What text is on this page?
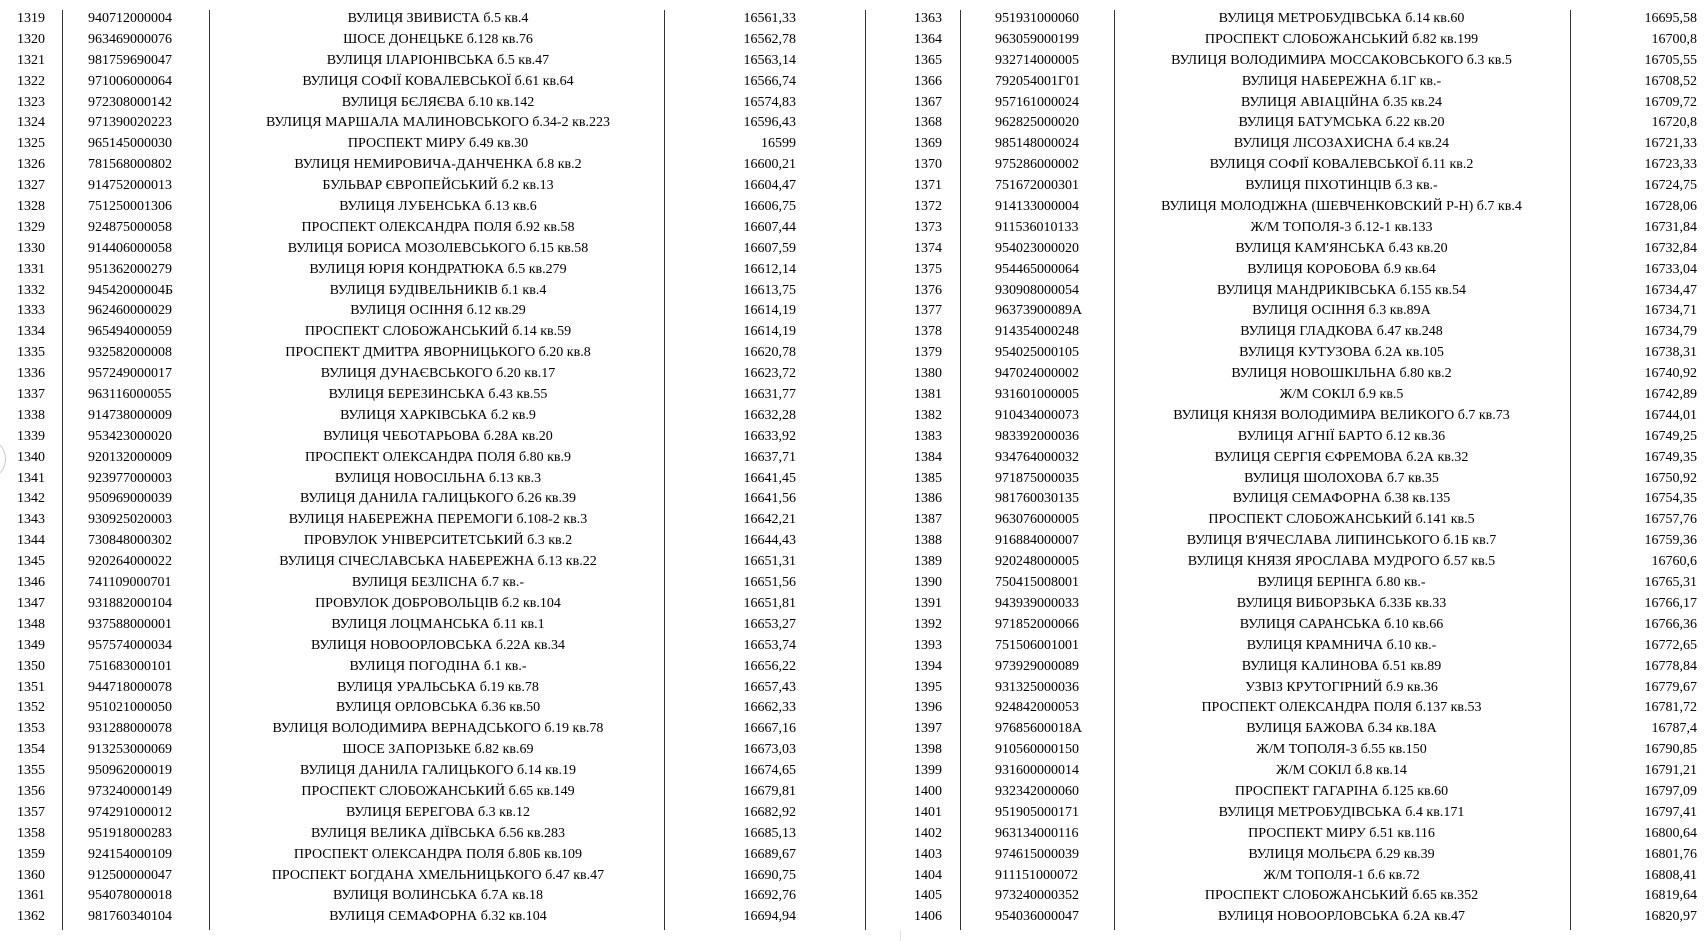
1319	940712000004	ВУЛИЦЯ ЗВИВИСТА б.5 кв.4	16561,33
1320	963469000076	ШОСЕ ДОНЕЦЬКЕ б.128 кв.76	16562,78
1321	981759690047	ВУЛИЦЯ ІЛАРІОНІВСЬКА б.5 кв.47	16563,14
1322	971006000064	ВУЛИЦЯ СОФІЇ КОВАЛЕВСЬКОЇ б.61 кв.64	16566,74
1323	972308000142	ВУЛИЦЯ БЄЛЯЄВА б.10 кв.142	16574,83
1324	971390020223	ВУЛИЦЯ МАРШАЛА МАЛИНОВСЬКОГО б.34-2 кв.223	16596,43
1325	965145000030	ПРОСПЕКТ МИРУ б.49 кв.30	16599
1326	781568000802	ВУЛИЦЯ НЕМИРОВИЧА-ДАНЧЕНКА б.8 кв.2	16600,21
1327	914752000013	БУЛЬВАР ЄВРОПЕЙСЬКИЙ б.2 кв.13	16604,47
1328	751250001306	ВУЛИЦЯ ЛУБЕНСЬКА б.13 кв.6	16606,75
1329	924875000058	ПРОСПЕКТ ОЛЕКСАНДРА ПОЛЯ б.92 кв.58	16607,44
1330	914406000058	ВУЛИЦЯ БОРИСА МОЗОЛЕВСЬКОГО б.15 кв.58	16607,59
1331	951362000279	ВУЛИЦЯ ЮРІЯ КОНДРАТЮКА б.5 кв.279	16612,14
1332	94542000004Б	ВУЛИЦЯ БУДІВЕЛЬНИКІВ б.1 кв.4	16613,75
1333	962460000029	ВУЛИЦЯ ОСІННЯ б.12 кв.29	16614,19
1334	965494000059	ПРОСПЕКТ СЛОБОЖАНСЬКИЙ б.14 кв.59	16614,19
1335	932582000008	ПРОСПЕКТ ДМИТРА ЯВОРНИЦЬКОГО б.20 кв.8	16620,78
1336	957249000017	ВУЛИЦЯ ДУНАЄВСЬКОГО б.20 кв.17	16623,72
1337	963116000055	ВУЛИЦЯ БЕРЕЗИНСЬКА б.43 кв.55	16631,77
1338	914738000009	ВУЛИЦЯ ХАРКІВСЬКА б.2 кв.9	16632,28
1339	953423000020	ВУЛИЦЯ ЧЕБОТАРЬОВА б.28А кв.20	16633,92
1340	920132000009	ПРОСПЕКТ ОЛЕКСАНДРА ПОЛЯ б.80 кв.9	16637,71
1341	923977000003	ВУЛИЦЯ НОВОСІЛЬНА б.13 кв.3	16641,45
1342	950969000039	ВУЛИЦЯ ДАНИЛА ГАЛИЦЬКОГО б.26 кв.39	16641,56
1343	930925020003	ВУЛИЦЯ НАБЕРЕЖНА ПЕРЕМОГИ б.108-2 кв.3	16642,21
1344	730848000302	ПРОВУЛОК УНІВЕРСИТЕТСЬКИЙ б.3 кв.2	16644,43
1345	920264000022	ВУЛИЦЯ СІЧЕСЛАВСЬКА НАБЕРЕЖНА б.13 кв.22	16651,31
1346	741109000701	ВУЛИЦЯ БЕЗЛІСНА б.7 кв.-	16651,56
1347	931882000104	ПРОВУЛОК ДОБРОВОЛЬЦІВ б.2 кв.104	16651,81
1348	937588000001	ВУЛИЦЯ ЛОЦМАНСЬКА б.11 кв.1	16653,27
1349	957574000034	ВУЛИЦЯ НОВООРЛОВСЬКА б.22А кв.34	16653,74
1350	751683000101	ВУЛИЦЯ ПОГОДІНА б.1 кв.-	16656,22
1351	944718000078	ВУЛИЦЯ УРАЛЬСЬКА б.19 кв.78	16657,43
1352	951021000050	ВУЛИЦЯ ОРЛОВСЬКА б.36 кв.50	16662,33
1353	931288000078	ВУЛИЦЯ ВОЛОДИМИРА ВЕРНАДСЬКОГО б.19 кв.78	16667,16
1354	913253000069	ШОСЕ ЗАПОРІЗЬКЕ б.82 кв.69	16673,03
1355	950962000019	ВУЛИЦЯ ДАНИЛА ГАЛИЦЬКОГО б.14 кв.19	16674,65
1356	973240000149	ПРОСПЕКТ СЛОБОЖАНСЬКИЙ б.65 кв.149	16679,81
1357	974291000012	ВУЛИЦЯ БЕРЕГОВА б.3 кв.12	16682,92
1358	951918000283	ВУЛИЦЯ ВЕЛИКА ДІЇВСЬКА б.56 кв.283	16685,13
1359	924154000109	ПРОСПЕКТ ОЛЕКСАНДРА ПОЛЯ б.80Б кв.109	16689,67
1360	912500000047	ПРОСПЕКТ БОГДАНА ХМЕЛЬНИЦЬКОГО б.47 кв.47	16690,75
1361	954078000018	ВУЛИЦЯ ВОЛИНСЬКА б.7А кв.18	16692,76
1362	981760340104	ВУЛИЦЯ СЕМАФОРНА б.32 кв.104	16694,94
1363	951931000060	ВУЛИЦЯ МЕТРОБУДІВСЬКА б.14 кв.60	16695,58
1364	963059000199	ПРОСПЕКТ СЛОБОЖАНСЬКИЙ б.82 кв.199	16700,8
1365	932714000005	ВУЛИЦЯ ВОЛОДИМИРА МОССАКОВСЬКОГО б.3 кв.5	16705,55
1366	792054001Г01	ВУЛИЦЯ НАБЕРЕЖНА б.1Г кв.-	16708,52
1367	957161000024	ВУЛИЦЯ АВІАЦІЙНА б.35 кв.24	16709,72
1368	962825000020	ВУЛИЦЯ БАТУМСЬКА б.22 кв.20	16720,8
1369	985148000024	ВУЛИЦЯ ЛІСОЗАХИСНА б.4 кв.24	16721,33
1370	975286000002	ВУЛИЦЯ СОФІЇ КОВАЛЕВСЬКОЇ б.11 кв.2	16723,33
1371	751672000301	ВУЛИЦЯ ПІХОТИНЦІВ б.3 кв.-	16724,75
1372	914133000004	ВУЛИЦЯ МОЛОДІЖНА (ШЕВЧЕНКОВСКИЙ Р-Н) б.7 кв.4	16728,06
1373	911536010133	Ж/М ТОПОЛЯ-3 б.12-1 кв.133	16731,84
1374	954023000020	ВУЛИЦЯ КАМ'ЯНСЬКА б.43 кв.20	16732,84
1375	954465000064	ВУЛИЦЯ КОРОБОВА б.9 кв.64	16733,04
1376	930908000054	ВУЛИЦЯ МАНДРИКІВСЬКА б.155 кв.54	16734,47
1377	96373900089А	ВУЛИЦЯ ОСІННЯ б.3 кв.89А	16734,71
1378	914354000248	ВУЛИЦЯ ГЛАДКОВА б.47 кв.248	16734,79
1379	954025000105	ВУЛИЦЯ КУТУЗОВА б.2А кв.105	16738,31
1380	947024000002	ВУЛИЦЯ НОВОШКІЛЬНА б.80 кв.2	16740,92
1381	931601000005	Ж/М СОКІЛ б.9 кв.5	16742,89
1382	910434000073	ВУЛИЦЯ КНЯЗЯ ВОЛОДИМИРА ВЕЛИКОГО б.7 кв.73	16744,01
1383	983392000036	ВУЛИЦЯ АГНІЇ БАРТО б.12 кв.36	16749,25
1384	934764000032	ВУЛИЦЯ СЕРГІЯ ЄФРЕМОВА б.2А кв.32	16749,35
1385	971875000035	ВУЛИЦЯ ШОЛОХОВА б.7 кв.35	16750,92
1386	981760030135	ВУЛИЦЯ СЕМАФОРНА б.38 кв.135	16754,35
1387	963076000005	ПРОСПЕКТ СЛОБОЖАНСЬКИЙ б.141 кв.5	16757,76
1388	916884000007	ВУЛИЦЯ В'ЯЧЕСЛАВА ЛИПИНСЬКОГО б.1Б кв.7	16759,36
1389	920248000005	ВУЛИЦЯ КНЯЗЯ ЯРОСЛАВА МУДРОГО б.57 кв.5	16760,6
1390	750415008001	ВУЛИЦЯ БЕРІНГА б.80 кв.-	16765,31
1391	943939000033	ВУЛИЦЯ ВИБОРЗЬКА б.33Б кв.33	16766,17
1392	971852000066	ВУЛИЦЯ САРАНСЬКА б.10 кв.66	16766,36
1393	751506001001	ВУЛИЦЯ КРАМНИЧА б.10 кв.-	16772,65
1394	973929000089	ВУЛИЦЯ КАЛИНОВА б.51 кв.89	16778,84
1395	931325000036	УЗВІЗ КРУТОГІРНИЙ б.9 кв.36	16779,67
1396	924842000053	ПРОСПЕКТ ОЛЕКСАНДРА ПОЛЯ б.137 кв.53	16781,72
1397	97685600018А	ВУЛИЦЯ БАЖОВА б.34 кв.18А	16787,4
1398	910560000150	Ж/М ТОПОЛЯ-3 б.55 кв.150	16790,85
1399	931600000014	Ж/М СОКІЛ б.8 кв.14	16791,21
1400	932342000060	ПРОСПЕКТ ГАГАРІНА б.125 кв.60	16797,09
1401	951905000171	ВУЛИЦЯ МЕТРОБУДІВСЬКА б.4 кв.171	16797,41
1402	963134000116	ПРОСПЕКТ МИРУ б.51 кв.116	16800,64
1403	974615000039	ВУЛИЦЯ МОЛЬЄРА б.29 кв.39	16801,76
1404	911151000072	Ж/М ТОПОЛЯ-1 б.6 кв.72	16808,41
1405	973240000352	ПРОСПЕКТ СЛОБОЖАНСЬКИЙ б.65 кв.352	16819,64
1406	954036000047	ВУЛИЦЯ НОВООРЛОВСЬКА б.2А кв.47	16820,97
